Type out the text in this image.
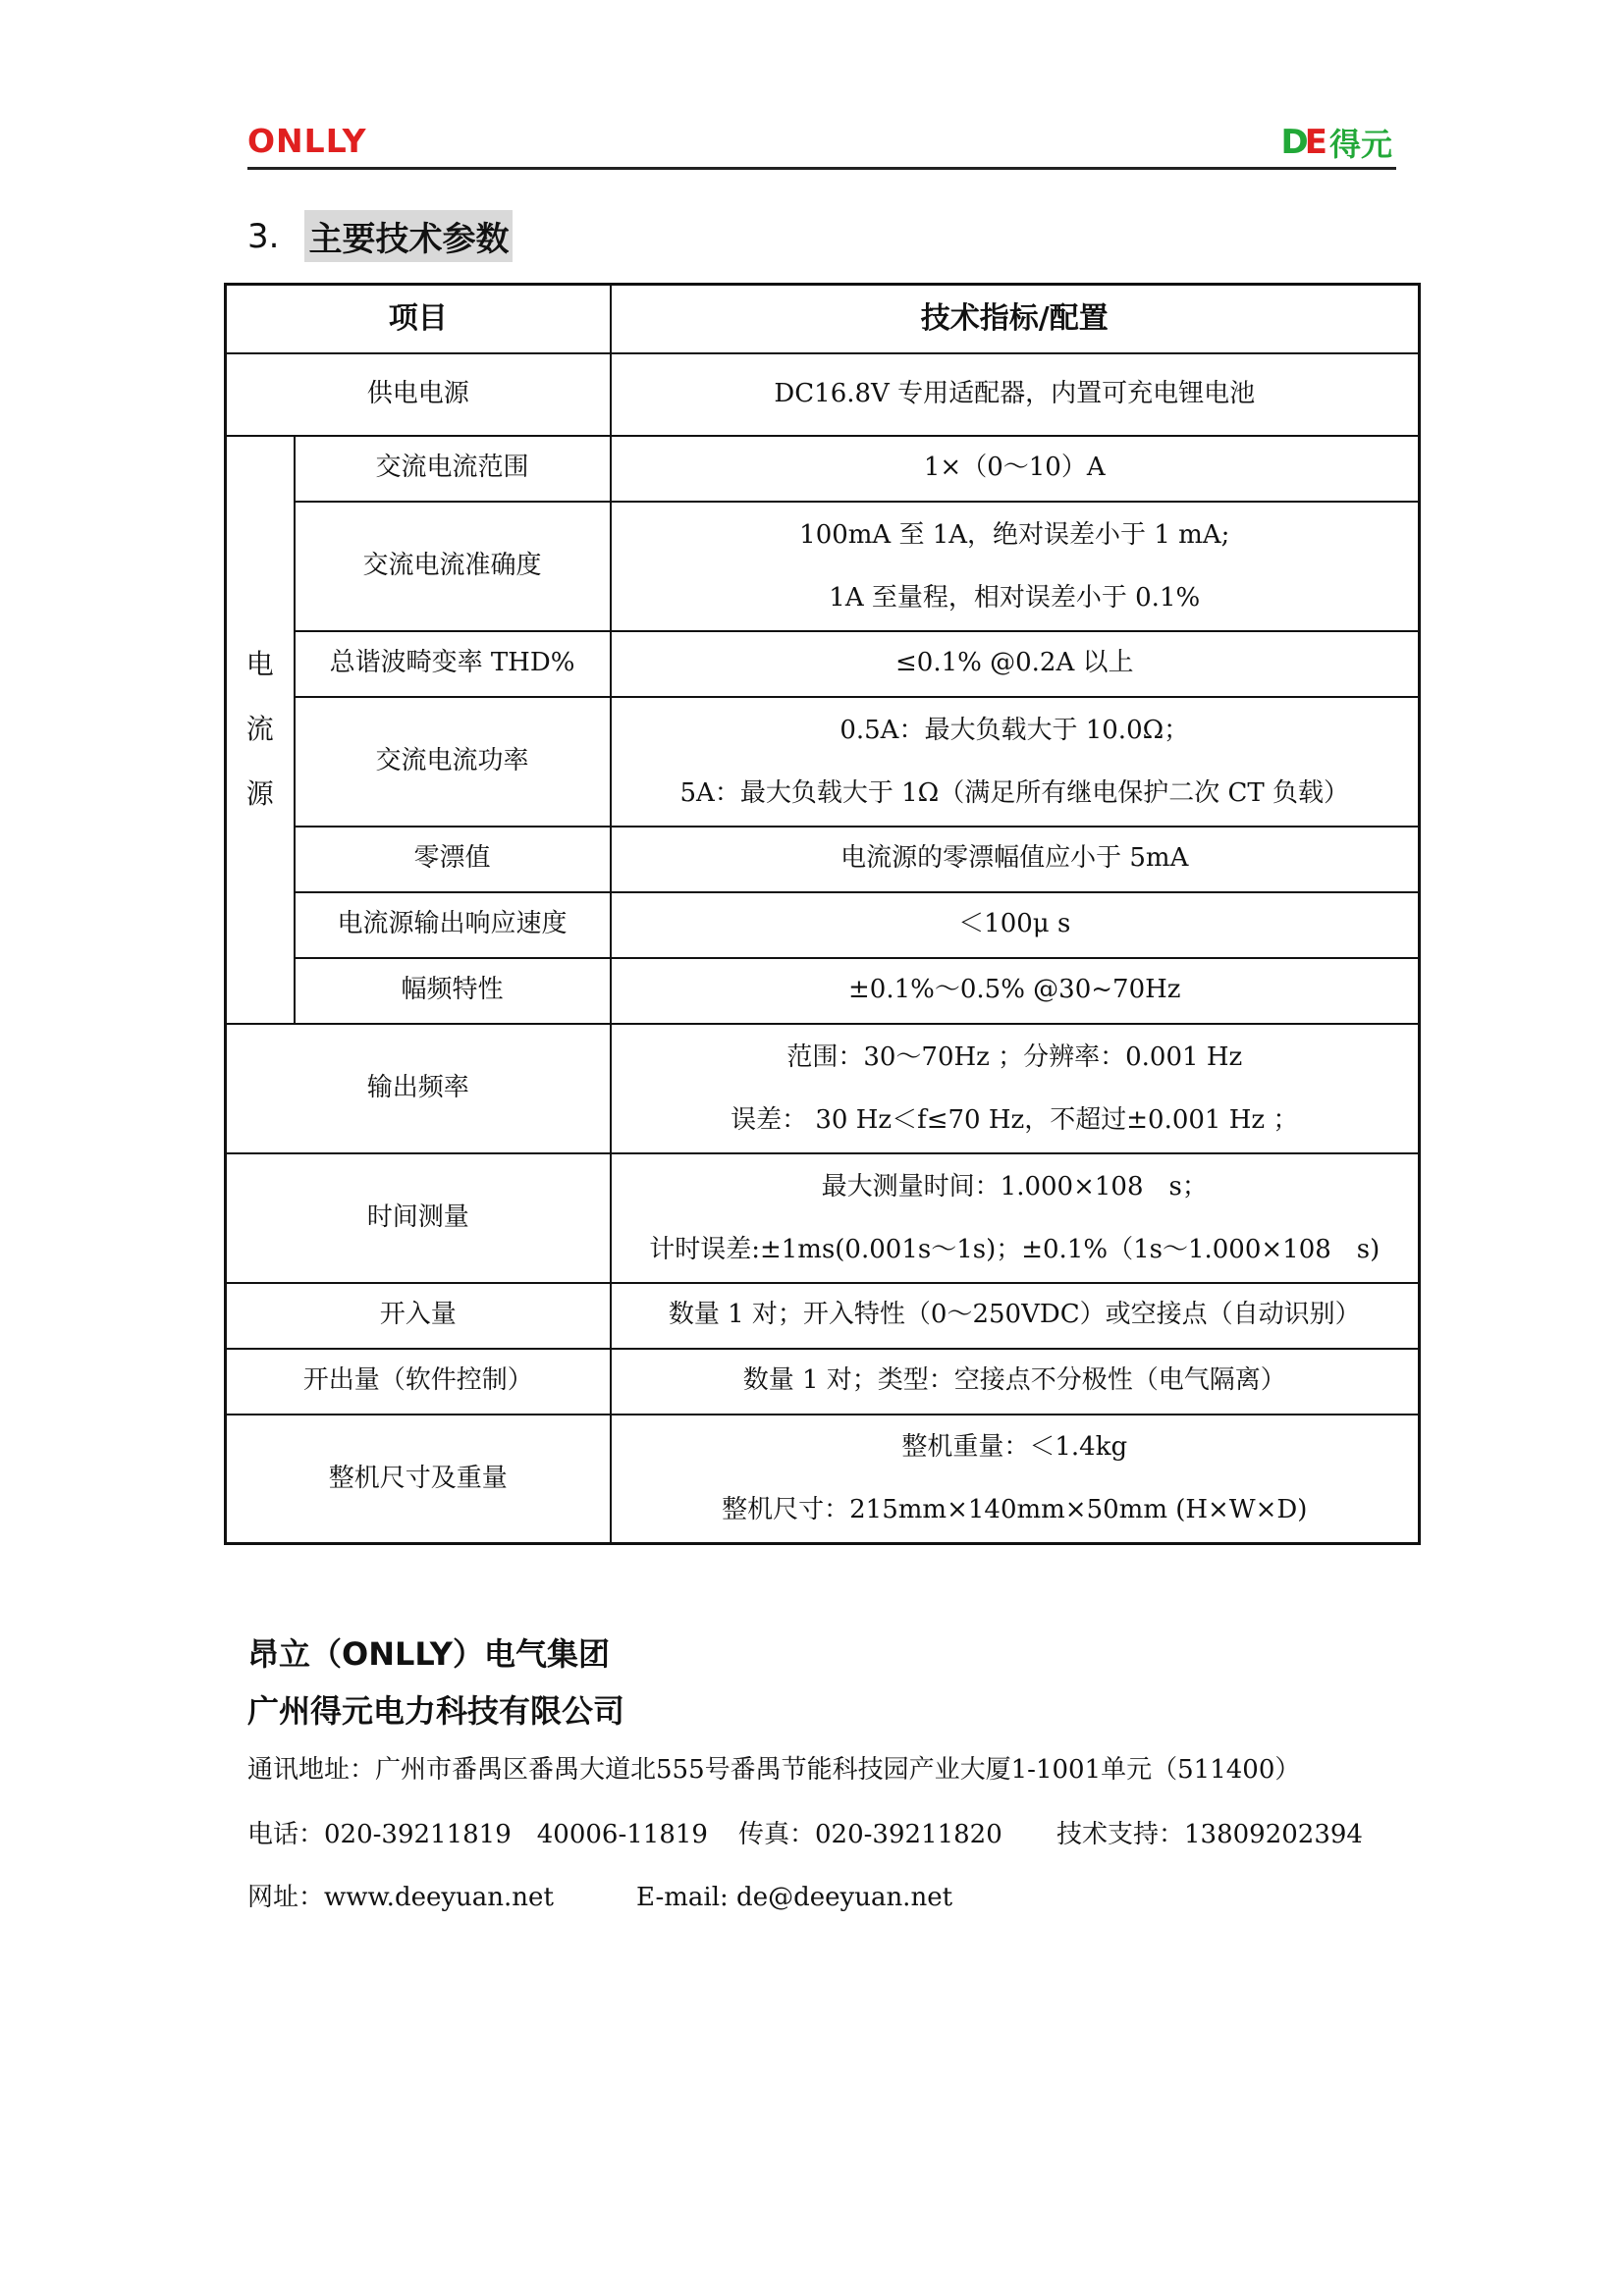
ONLLY	DE 得元
3. 主要技术参数
项目		技术指标/配置
供电电源		DC16.8V 专用适配器，内置可充电锂电池

电
流
源	交流电流范围	1×（0～10）A
	交流电流准确度	100mA 至 1A，绝对误差小于 1 mA;
1A 至量程，相对误差小于 0.1%

	总谐波畸变率 THD%	≤0.1% @0.2A 以上
	交流电流功率	0.5A：最大负载大于 10.0Ω；
5A：最大负载大于 1Ω（满足所有继电保护二次 CT 负载）

	零漂值	电流源的零漂幅值应小于 5mA
	电流源输出响应速度	＜100μ s
	幅频特性	±0.1%～0.5% @30~70Hz
输出频率		范围：30～70Hz ；分辨率：0.001 Hz
误差： 30 Hz＜f≤70 Hz，不超过±0.001 Hz ；

时间测量		最大测量时间：1.000×108　s；
计时误差:±1ms(0.001s～1s)；±0.1%（1s～1.000×108　s)

开入量		数量 1 对；开入特性（0～250VDC）或空接点（自动识别）
开出量（软件控制）		数量 1 对；类型：空接点不分极性（电气隔离）
整机尺寸及重量		整机重量：＜1.4kg
整机尺寸：215mm×140mm×50mm (H×W×D)
昂立（ONLLY）电气集团
广州得元电力科技有限公司
通讯地址：广州市番禺区番禺大道北555号番禺节能科技园产业大厦1-1001单元（511400）
电话：020-39211819　40006-11819 传真：020-39211820 技术支持：13809202394
网址：www.deeyuan.net	E-mail: de@deeyuan.net
